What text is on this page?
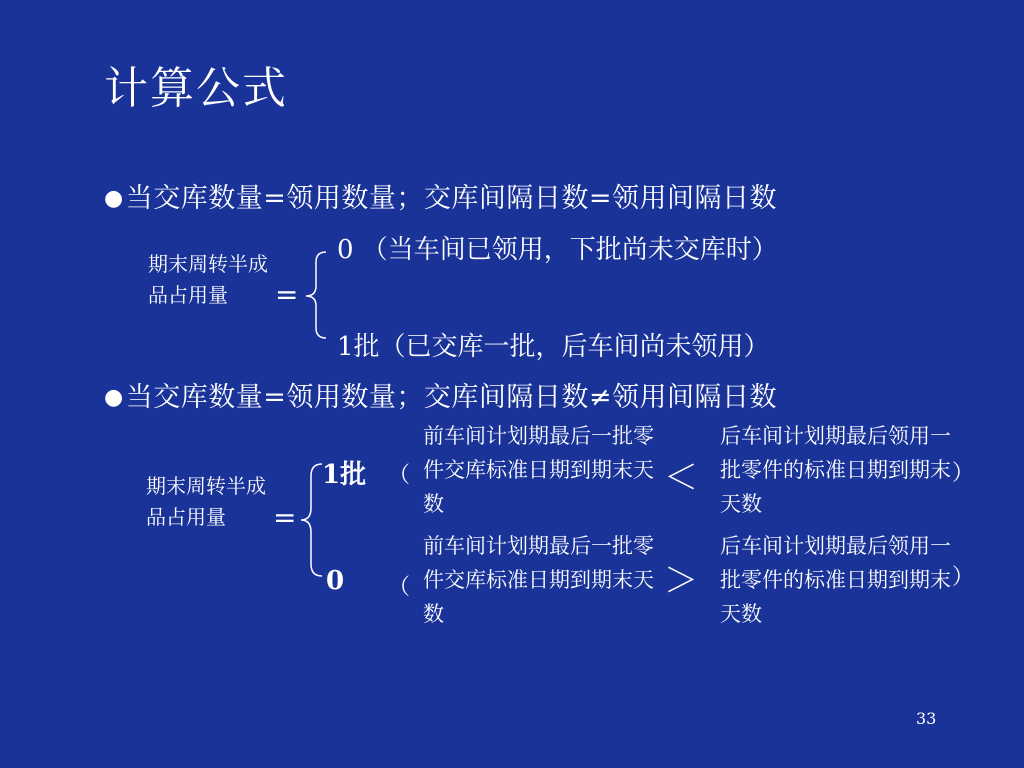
计算公式
●当交库数量=领用数量；交库间隔日数=领用间隔日数
期末周转半成品占用量	=
0 （当车间已领用，下批尚未交库时）
1批（已交库一批，后车间尚未领用）
●当交库数量=领用数量；交库间隔日数≠领用间隔日数
期末周转半成品占用量	=
1批 （
前车间计划期最后一批零件交库标准日期到期末天数
＜
后车间计划期最后领用一批零件的标准日期到期末天数
）
0 （
前车间计划期最后一批零件交库标准日期到期末天数
＞
后车间计划期最后领用一批零件的标准日期到期末天数
）
33
